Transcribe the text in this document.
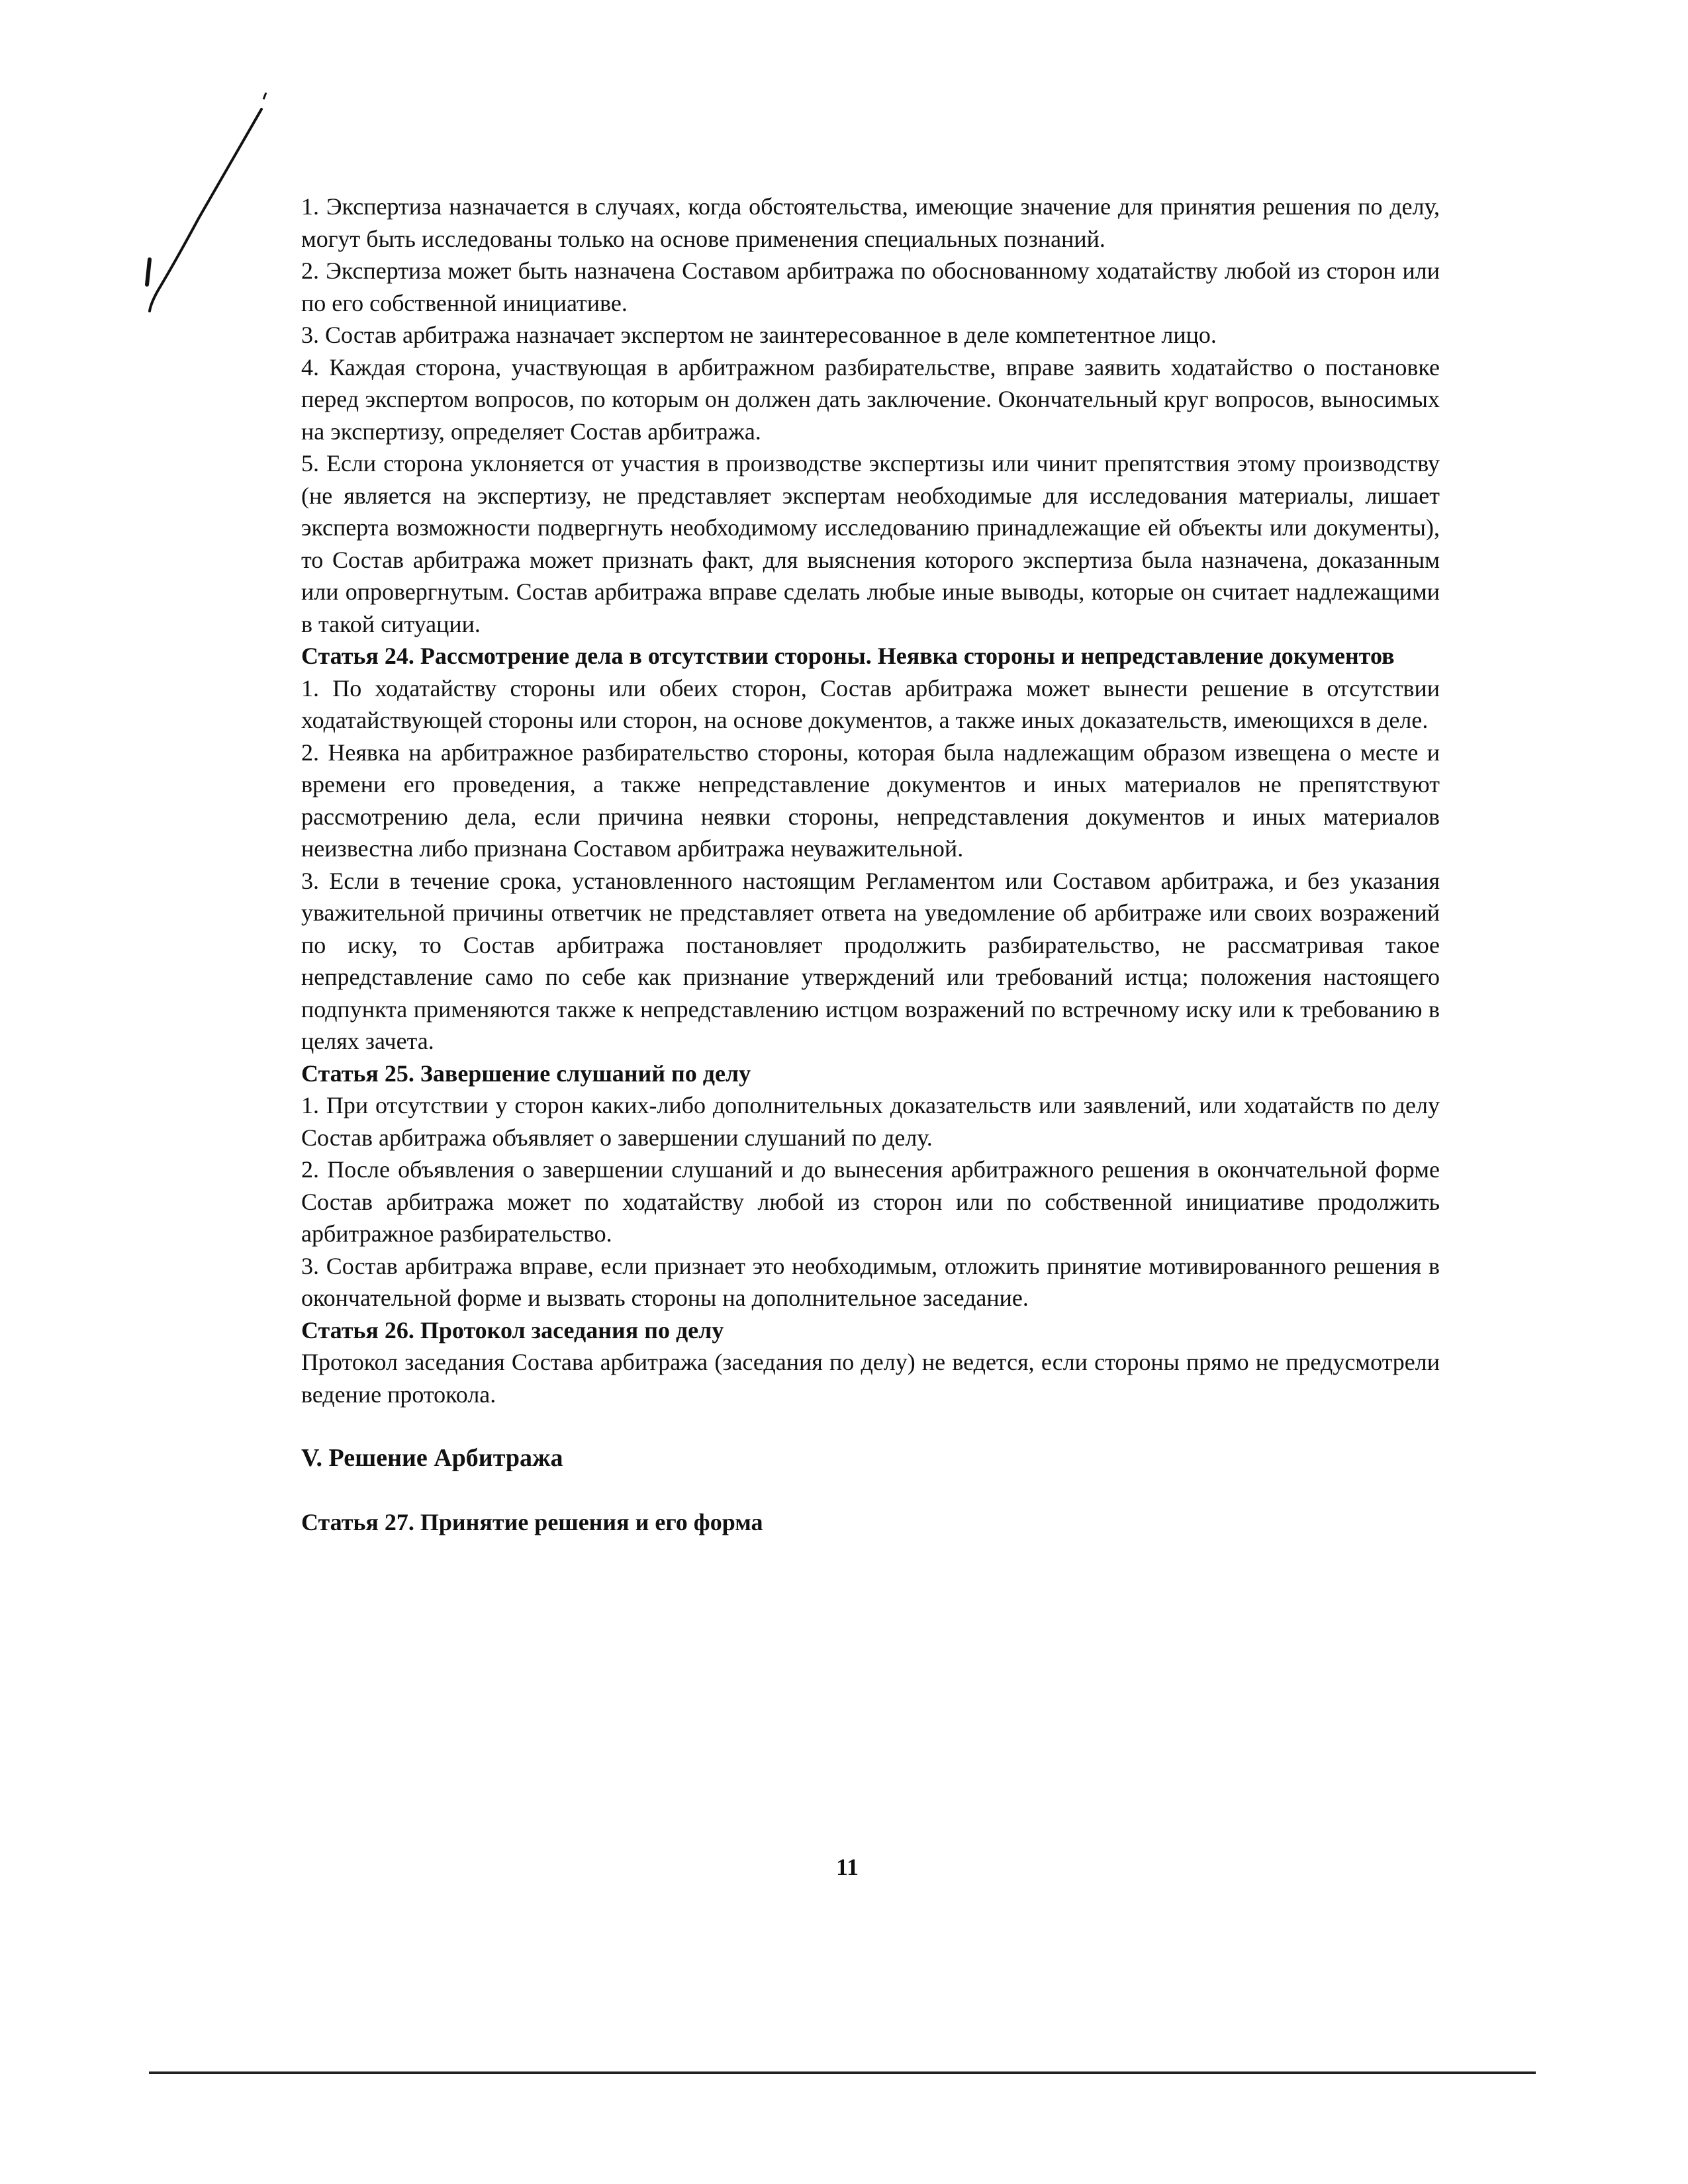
1. Экспертиза назначается в случаях, когда обстоятельства, имеющие значение для принятия решения по делу, могут быть исследованы только на основе применения специальных познаний.

2. Экспертиза может быть назначена Составом арбитража по обоснованному ходатайству любой из сторон или по его собственной инициативе.

3. Состав арбитража назначает экспертом не заинтересованное в деле компетентное лицо.

4. Каждая сторона, участвующая в арбитражном разбирательстве, вправе заявить ходатайство о постановке перед экспертом вопросов, по которым он должен дать заключение. Окончательный круг вопросов, выносимых на экспертизу, определяет Состав арбитража.

5. Если сторона уклоняется от участия в производстве экспертизы или чинит препятствия этому производству (не является на экспертизу, не представляет экспертам необходимые для исследования материалы, лишает эксперта возможности подвергнуть необходимому исследованию принадлежащие ей объекты или документы), то Состав арбитража может признать факт, для выяснения которого экспертиза была назначена, доказанным или опровергнутым. Состав арбитража вправе сделать любые иные выводы, которые он считает надлежащими в такой ситуации.

Статья 24. Рассмотрение дела в отсутствии стороны. Неявка стороны и непредставление документов

1. По ходатайству стороны или обеих сторон, Состав арбитража может вынести решение в отсутствии ходатайствующей стороны или сторон, на основе документов, а также иных доказательств, имеющихся в деле.

2. Неявка на арбитражное разбирательство стороны, которая была надлежащим образом извещена о месте и времени его проведения, а также непредставление документов и иных материалов не препятствуют рассмотрению дела, если причина неявки стороны, непредставления документов и иных материалов неизвестна либо признана Составом арбитража неуважительной.

3. Если в течение срока, установленного настоящим Регламентом или Составом арбитража, и без указания уважительной причины ответчик не представляет ответа на уведомление об арбитраже или своих возражений по иску, то Состав арбитража постановляет продолжить разбирательство, не рассматривая такое непредставление само по себе как признание утверждений или требований истца; положения настоящего подпункта применяются также к непредставлению истцом возражений по встречному иску или к требованию в целях зачета.

Статья 25. Завершение слушаний по делу

1. При отсутствии у сторон каких-либо дополнительных доказательств или заявлений, или ходатайств по делу Состав арбитража объявляет о завершении слушаний по делу.

2. После объявления о завершении слушаний и до вынесения арбитражного решения в окончательной форме Состав арбитража может по ходатайству любой из сторон или по собственной инициативе продолжить арбитражное разбирательство.

3. Состав арбитража вправе, если признает это необходимым, отложить принятие мотивированного решения в окончательной форме и вызвать стороны на дополнительное заседание.

Статья 26. Протокол заседания по делу

Протокол заседания Состава арбитража (заседания по делу) не ведется, если стороны прямо не предусмотрели ведение протокола.

V. Решение Арбитража

Статья 27. Принятие решения и его форма

11
